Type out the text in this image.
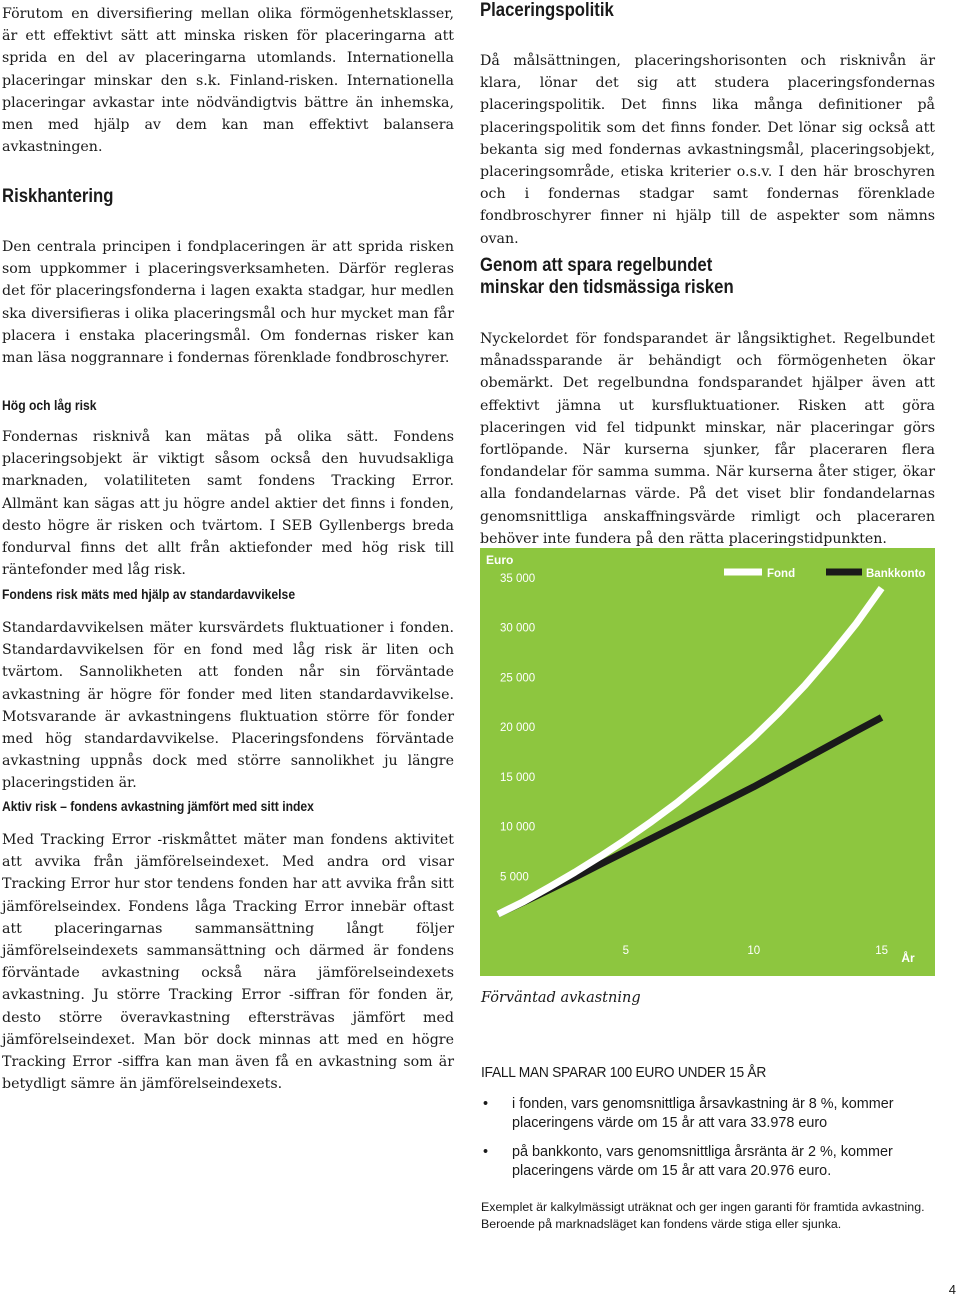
Förutom en diversifiering mellan olika förmögenhetsklasser, är ett effektivt sätt att minska risken för placeringarna att sprida en del av placeringarna utomlands. Internationella placeringar minskar den s.k. Finland-risken. Internationella placeringar avkastar inte nödvändigtvis bättre än inhemska, men med hjälp av dem kan man effektivt balansera avkastningen.

Riskhantering

Den centrala principen i fondplaceringen är att sprida risken som uppkommer i placeringsverksamheten. Därför regleras det för placeringsfonderna i lagen exakta stadgar, hur medlen ska diversifieras i olika placeringsmål och hur mycket man får placera i enstaka placeringsmål. Om fondernas risker kan man läsa noggrannare i fondernas förenklade fondbroschyrer.

Hög och låg risk

Fondernas risknivå kan mätas på olika sätt. Fondens placeringsobjekt är viktigt såsom också den huvudsakliga marknaden, volatiliteten samt fondens Tracking Error. Allmänt kan sägas att ju högre andel aktier det finns i fonden, desto högre är risken och tvärtom. I SEB Gyllenbergs breda fondurval finns det allt från aktiefonder med hög risk till räntefonder med låg risk.

Fondens risk mäts med hjälp av standardavvikelse

Standardavvikelsen mäter kursvärdets fluktuationer i fonden. Standardavvikelsen för en fond med låg risk är liten och tvärtom. Sannolikheten att fonden når sin förväntade avkastning är högre för fonder med liten standardavvikelse. Motsvarande är avkastningens fluktuation större för fonder med hög standardavvikelse. Placeringsfondens förväntade avkastning uppnås dock med större sannolikhet ju längre placeringstiden är.

Aktiv risk – fondens avkastning jämfört med sitt index

Med Tracking Error -riskmåttet mäter man fondens aktivitet att avvika från jämförelseindexet. Med andra ord visar Tracking Error hur stor tendens fonden har att avvika från sitt jämförelseindex. Fondens låga Tracking Error innebär oftast att placeringarnas sammansättning långt följer jämförelseindexets sammansättning och därmed är fondens förväntade avkastning också nära jämförelseindexets avkastning. Ju större Tracking Error -siffran för fonden är, desto större överavkastning eftersträvas jämfört med jämförelseindexet. Man bör dock minnas att med en högre Tracking Error -siffra kan man även få en avkastning som är betydligt sämre än jämförelseindexets.

Placeringspolitik

Då målsättningen, placeringshorisonten och risknivån är klara, lönar det sig att studera placeringsfondernas placeringspolitik. Det finns lika många definitioner på placeringspolitik som det finns fonder. Det lönar sig också att bekanta sig med fondernas avkastningsmål, placeringsobjekt, placeringsområde, etiska kriterier o.s.v. I den här broschyren och i fondernas stadgar samt fondernas förenklade fondbroschyrer finner ni hjälp till de aspekter som nämns ovan.

Genom att spara regelbundet
minskar den tidsmässiga risken

Nyckelordet för fondsparandet är långsiktighet. Regelbundet månadssparande är behändigt och förmögenheten ökar obemärkt. Det regelbundna fondsparandet hjälper även att effektivt jämna ut kursfluktuationer. Risken att göra placeringen vid fel tidpunkt minskar, när placeringar görs fortlöpande. När kurserna sjunker, får placeraren flera fondandelar för samma summa. När kurserna åter stiger, ökar alla fondandelarnas värde. På det viset blir fondandelarnas genomsnittliga anskaffningsvärde rimligt och placeraren behöver inte fundera på den rätta placeringstidpunkten.

Euro
35 000
30 000
25 000
20 000
15 000
10 000
5 000
5	10	15 År
Fond	Bankkonto
Förväntad avkastning
IFALL MAN SPARAR 100 EURO UNDER 15 ÅR
• i fonden, vars genomsnittliga årsavkastning är 8 %, kommer placeringens värde om 15 år att vara 33.978 euro
• på bankkonto, vars genomsnittliga årsränta är 2 %, kommer placeringens värde om 15 år att vara 20.976 euro.
Exemplet är kalkylmässigt uträknat och ger ingen garanti för framtida avkastning. Beroende på marknadsläget kan fondens värde stiga eller sjunka.
4
